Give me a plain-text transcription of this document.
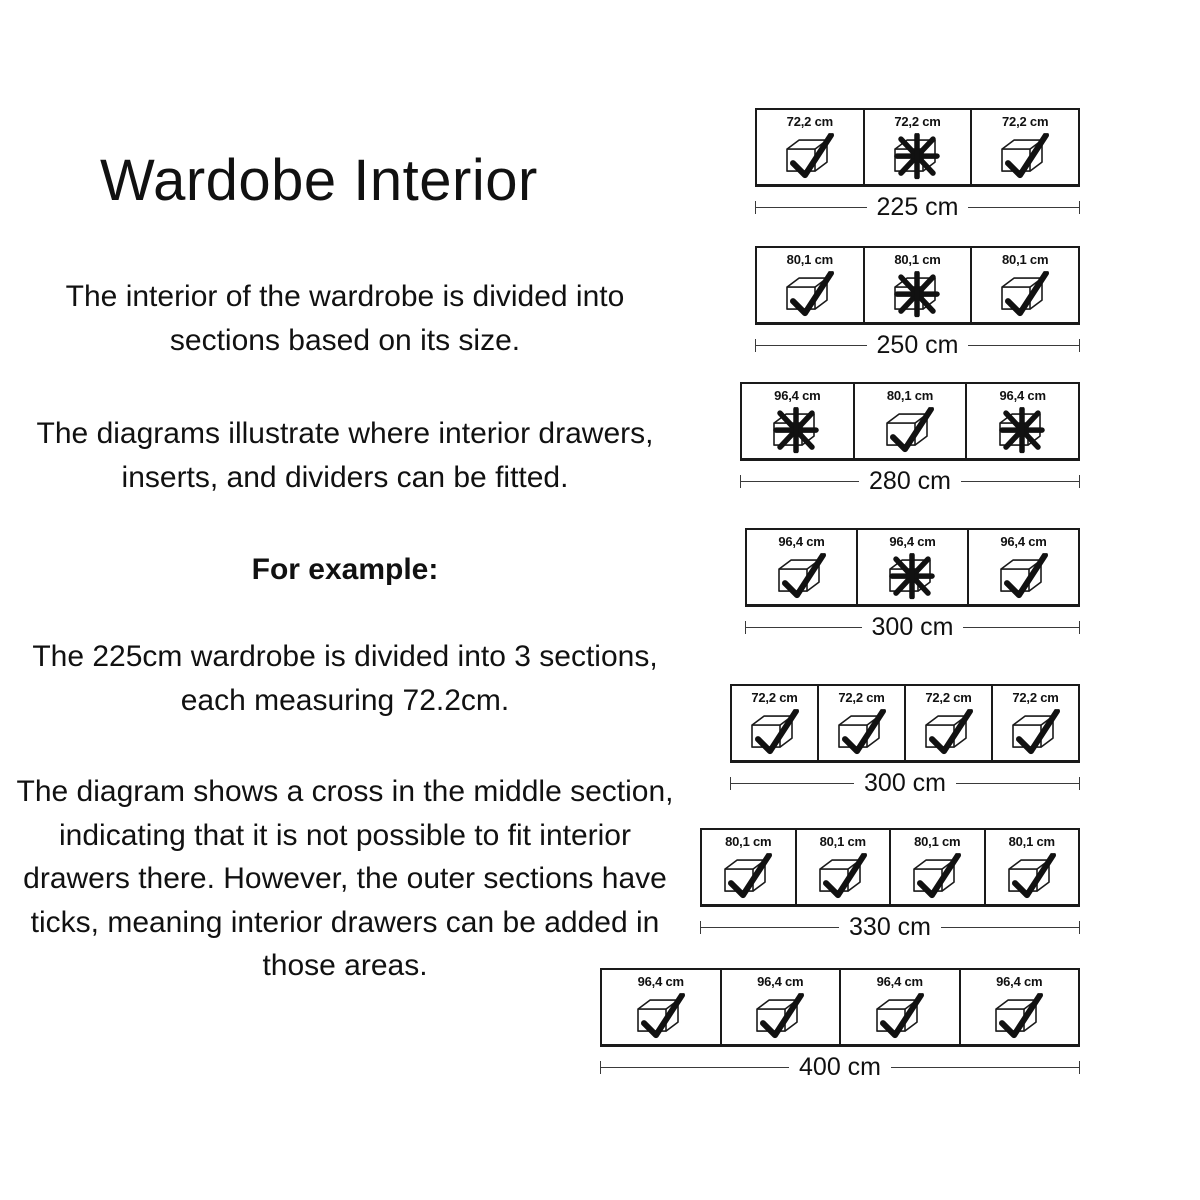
Wardobe Interior

The interior of the wardrobe is divided into sections based on its size.

The diagrams illustrate where interior drawers, inserts, and dividers can be fitted.

For example:

The 225cm wardrobe is divided into 3 sections, each measuring 72.2cm.

The diagram shows a cross in the middle section, indicating that it is not possible to fit interior drawers there. However, the outer sections have ticks, meaning interior drawers can be added in those areas.

72,2 cm	72,2 cm	72,2 cm
225 cm
80,1 cm	80,1 cm	80,1 cm
250 cm
96,4 cm	80,1 cm	96,4 cm
280 cm
96,4 cm	96,4 cm	96,4 cm
300 cm
72,2 cm	72,2 cm	72,2 cm	72,2 cm
300 cm
80,1 cm	80,1 cm	80,1 cm	80,1 cm
330 cm
96,4 cm	96,4 cm	96,4 cm	96,4 cm
400 cm
